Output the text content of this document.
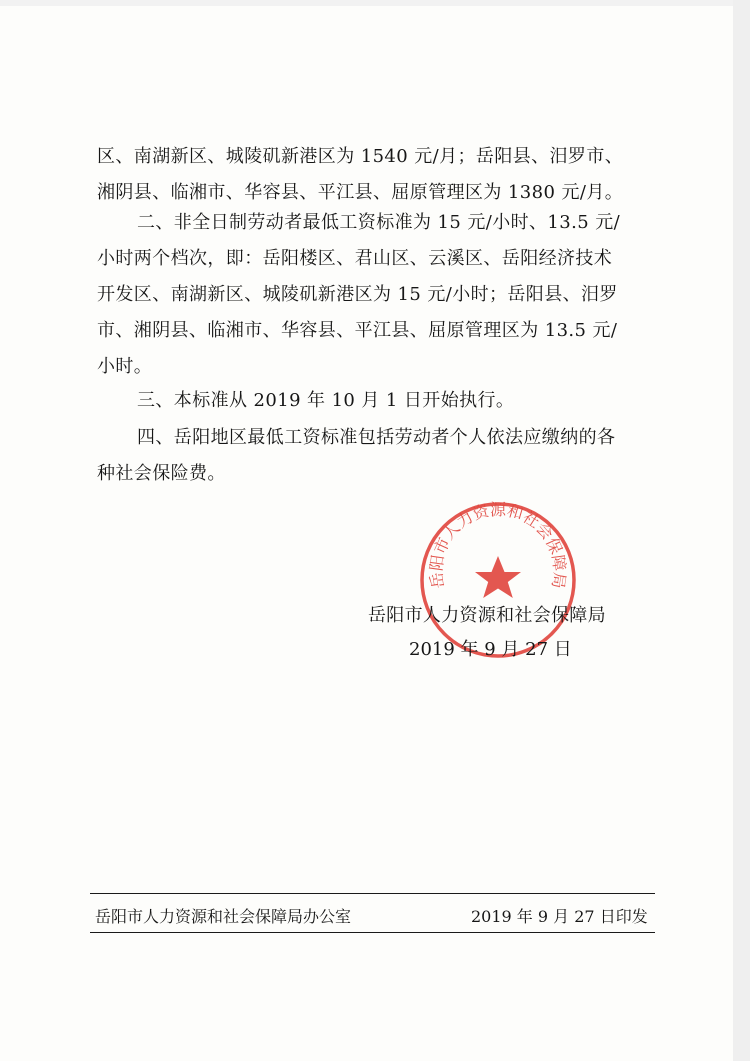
区、南湖新区、城陵矶新港区为 1540 元/月；岳阳县、汨罗市、
湘阴县、临湘市、华容县、平江县、屈原管理区为 1380 元/月。
二、非全日制劳动者最低工资标准为 15 元/小时、13.5 元/
小时两个档次，即：岳阳楼区、君山区、云溪区、岳阳经济技术
开发区、南湖新区、城陵矶新港区为 15 元/小时；岳阳县、汨罗
市、湘阴县、临湘市、华容县、平江县、屈原管理区为 13.5 元/
小时。
三、本标准从 2019 年 10 月 1 日开始执行。
四、岳阳地区最低工资标准包括劳动者个人依法应缴纳的各
种社会保险费。
岳阳市人力资源和社会保障局
岳阳市人力资源和社会保障局
2019 年 9 月 27 日
岳阳市人力资源和社会保障局办公室	2019 年 9 月 27 日印发
